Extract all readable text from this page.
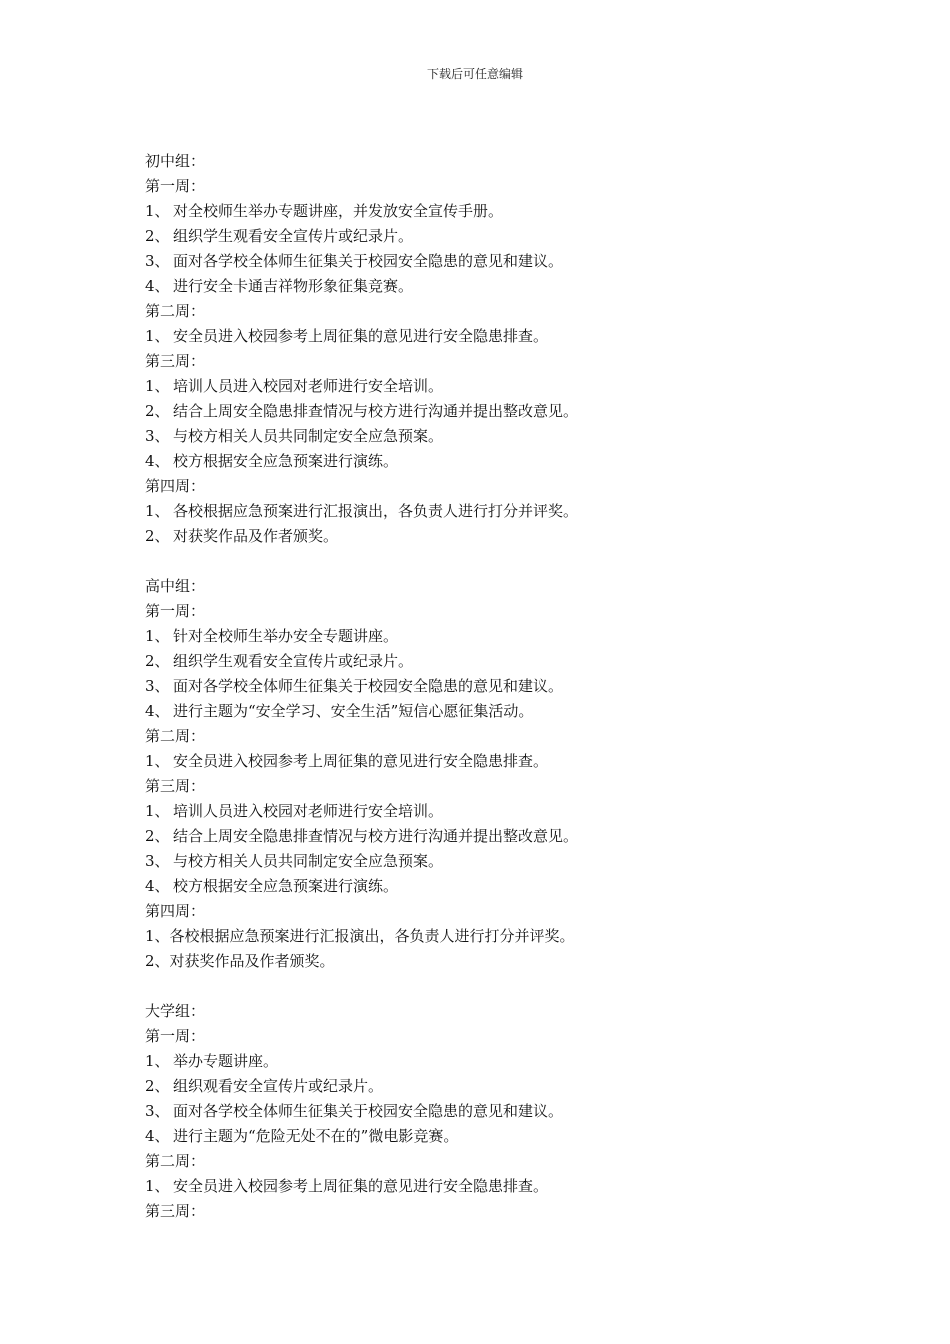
下载后可任意编辑
初中组：
第一周：
1、 对全校师生举办专题讲座，并发放安全宣传手册。
2、 组织学生观看安全宣传片或纪录片。
3、 面对各学校全体师生征集关于校园安全隐患的意见和建议。
4、 进行安全卡通吉祥物形象征集竞赛。
第二周：
1、 安全员进入校园参考上周征集的意见进行安全隐患排查。
第三周：
1、 培训人员进入校园对老师进行安全培训。
2、 结合上周安全隐患排查情况与校方进行沟通并提出整改意见。
3、 与校方相关人员共同制定安全应急预案。
4、 校方根据安全应急预案进行演练。
第四周：
1、 各校根据应急预案进行汇报演出，各负责人进行打分并评奖。
2、 对获奖作品及作者颁奖。
高中组：
第一周：
1、 针对全校师生举办安全专题讲座。
2、 组织学生观看安全宣传片或纪录片。
3、 面对各学校全体师生征集关于校园安全隐患的意见和建议。
4、 进行主题为“安全学习、安全生活”短信心愿征集活动。
第二周：
1、 安全员进入校园参考上周征集的意见进行安全隐患排查。
第三周：
1、 培训人员进入校园对老师进行安全培训。
2、 结合上周安全隐患排查情况与校方进行沟通并提出整改意见。
3、 与校方相关人员共同制定安全应急预案。
4、 校方根据安全应急预案进行演练。
第四周：
1、各校根据应急预案进行汇报演出，各负责人进行打分并评奖。
2、对获奖作品及作者颁奖。
大学组：
第一周：
1、 举办专题讲座。
2、 组织观看安全宣传片或纪录片。
3、 面对各学校全体师生征集关于校园安全隐患的意见和建议。
4、 进行主题为“危险无处不在的”微电影竞赛。
第二周：
1、 安全员进入校园参考上周征集的意见进行安全隐患排查。
第三周：
